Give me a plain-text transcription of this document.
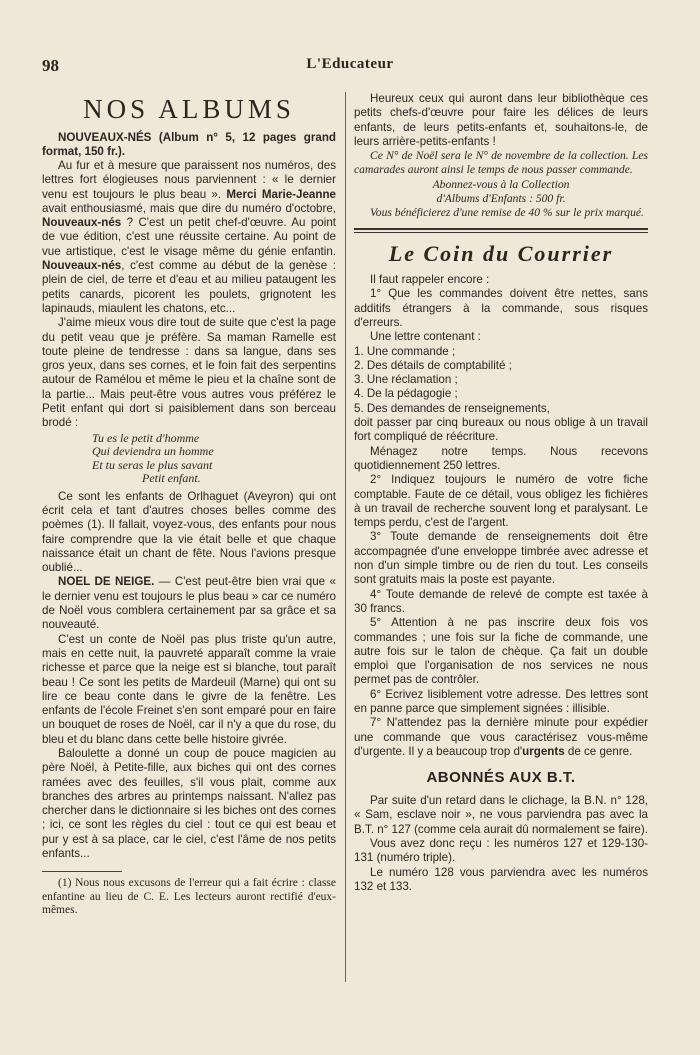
98	L'Educateur
NOS ALBUMS

NOUVEAUX-NÉS (Album n° 5, 12 pages grand format, 150 fr.).

Au fur et à mesure que paraissent nos numéros, des lettres fort élogieuses nous parviennent : « le dernier venu est toujours le plus beau ». Merci Marie-Jeanne avait enthousiasmé, mais que dire du numéro d'octobre, Nouveaux-nés ? C'est un petit chef-d'œuvre. Au point de vue édition, c'est une réussite certaine. Au point de vue artistique, c'est le visage même du génie enfantin. Nouveaux-nés, c'est comme au début de la genèse : plein de ciel, de terre et d'eau et au milieu pataugent les petits canards, picorent les poulets, grignotent les lapinauds, miaulent les chatons, etc...

J'aime mieux vous dire tout de suite que c'est la page du petit veau que je préfère. Sa maman Ramelle est toute pleine de tendresse : dans sa langue, dans ses gros yeux, dans ses cornes, et le foin fait des serpentins autour de Ramélou et même le pieu et la chaîne sont de la partie... Mais peut-être vous autres vous préférez le Petit enfant qui dort si paisiblement dans son berceau brodé :

Tu es le petit d'homme
Qui deviendra un homme
Et tu seras le plus savant
Petit enfant.

Ce sont les enfants de Orlhaguet (Aveyron) qui ont écrit cela et tant d'autres choses belles comme des poèmes (1). Il fallait, voyez-vous, des enfants pour nous faire comprendre que la vie était belle et que chaque naissance était un chant de fête. Nous l'avions presque oublié...

NOEL DE NEIGE. — C'est peut-être bien vrai que « le dernier venu est toujours le plus beau » car ce numéro de Noël vous comblera certainement par sa grâce et sa nouveauté.

C'est un conte de Noël pas plus triste qu'un autre, mais en cette nuit, la pauvreté apparaît comme la vraie richesse et parce que la neige est si blanche, tout paraît beau ! Ce sont les petits de Mardeuil (Marne) qui ont su lire ce beau conte dans le givre de la fenêtre. Les enfants de l'école Freinet s'en sont emparé pour en faire un bouquet de roses de Noël, car il n'y a que du rose, du bleu et du blanc dans cette belle histoire givrée.

Baloulette a donné un coup de pouce magicien au père Noël, à Petite-fille, aux biches qui ont des cornes ramées avec des feuilles, s'il vous plait, comme aux branches des arbres au printemps naissant. N'allez pas chercher dans le dictionnaire si les biches ont des cornes ; ici, ce sont les règles du ciel : tout ce qui est beau et pur y est à sa place, car le ciel, c'est l'âme de nos petits enfants...

(1) Nous nous excusons de l'erreur qui a fait écrire : classe enfantine au lieu de C. E. Les lecteurs auront rectifié d'eux-mêmes.

Heureux ceux qui auront dans leur bibliothèque ces petits chefs-d'œuvre pour faire les délices de leurs enfants, de leurs petits-enfants et, souhaitons-le, de leurs arrière-petits-enfants !

Ce N° de Noël sera le N° de novembre de la collection. Les camarades auront ainsi le temps de nous passer commande.

Abonnez-vous à la Collection
d'Albums d'Enfants : 500 fr.

Vous bénéficierez d'une remise de 40 % sur le prix marqué.

Le Coin du Courrier

Il faut rappeler encore :

1° Que les commandes doivent être nettes, sans additifs étrangers à la commande, sous risques d'erreurs.

Une lettre contenant :

1. Une commande ;
2. Des détails de comptabilité ;
3. Une réclamation ;
4. De la pédagogie ;
5. Des demandes de renseignements,

doit passer par cinq bureaux ou nous oblige à un travail fort compliqué de réécriture.

Ménagez notre temps. Nous recevons quotidiennement 250 lettres.

2° Indiquez toujours le numéro de votre fiche comptable. Faute de ce détail, vous obligez les fichières à un travail de recherche souvent long et paralysant. Le temps perdu, c'est de l'argent.

3° Toute demande de renseignements doit être accompagnée d'une enveloppe timbrée avec adresse et non d'un simple timbre ou de rien du tout. Les conseils sont gratuits mais la poste est payante.

4° Toute demande de relevé de compte est taxée à 30 francs.

5° Attention à ne pas inscrire deux fois vos commandes ; une fois sur la fiche de commande, une autre fois sur le talon de chèque. Ça fait un double emploi que l'organisation de nos services ne nous permet pas de contrôler.

6° Ecrivez lisiblement votre adresse. Des lettres sont en panne parce que simplement signées : illisible.

7° N'attendez pas la dernière minute pour expédier une commande que vous caractérisez vous-même d'urgente. Il y a beaucoup trop d'urgents de ce genre.

ABONNÉS AUX B.T.

Par suite d'un retard dans le clichage, la B.N. n° 128, « Sam, esclave noir », ne vous parviendra pas avec la B.T. n° 127 (comme cela aurait dû normalement se faire).

Vous avez donc reçu : les numéros 127 et 129-130-131 (numéro triple).

Le numéro 128 vous parviendra avec les numéros 132 et 133.
